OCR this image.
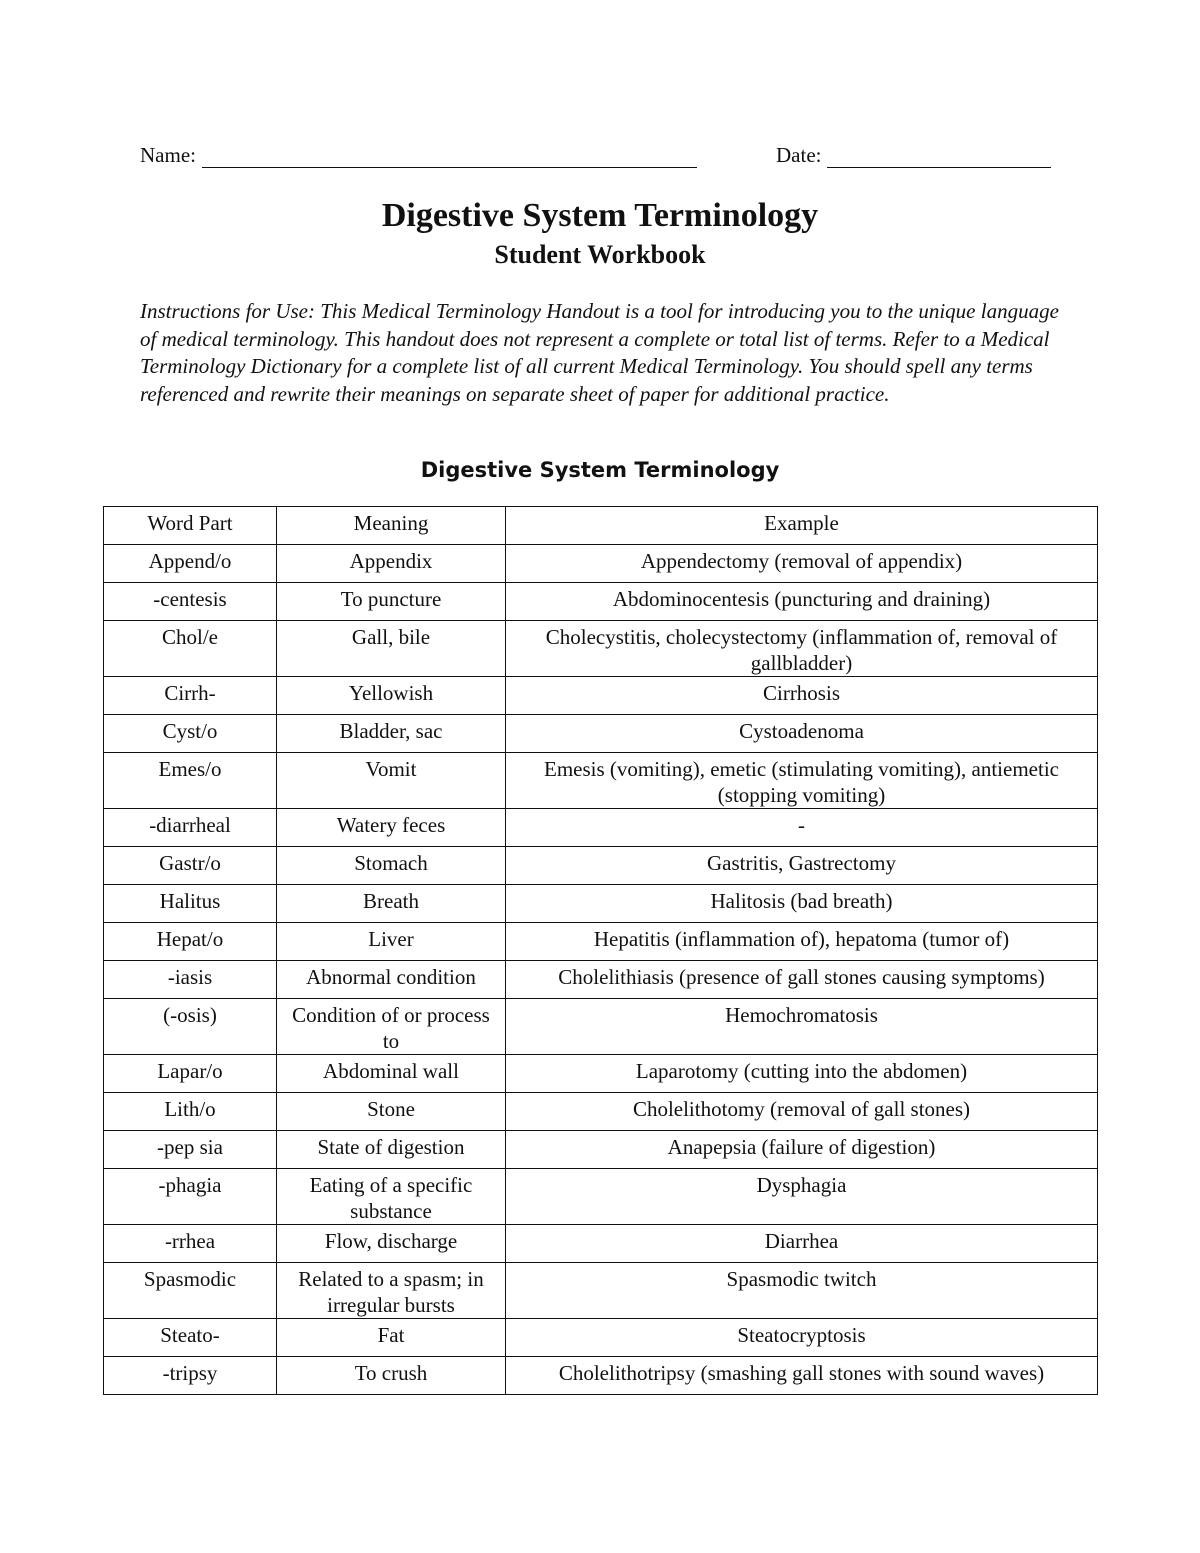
Name:	Date:
Digestive System Terminology
Student Workbook
Instructions for Use: This Medical Terminology Handout is a tool for introducing you to the unique language of medical terminology. This handout does not represent a complete or total list of terms. Refer to a Medical Terminology Dictionary for a complete list of all current Medical Terminology. You should spell any terms referenced and rewrite their meanings on separate sheet of paper for additional practice.
Digestive System Terminology
Word Part	Meaning	Example
Append/o	Appendix	Appendectomy (removal of appendix)
-centesis	To puncture	Abdominocentesis (puncturing and draining)
Chol/e	Gall, bile	Cholecystitis, cholecystectomy (inflammation of, removal of gallbladder)
Cirrh-	Yellowish	Cirrhosis
Cyst/o	Bladder, sac	Cystoadenoma
Emes/o	Vomit	Emesis (vomiting), emetic (stimulating vomiting), antiemetic (stopping vomiting)
-diarrheal	Watery feces	-
Gastr/o	Stomach	Gastritis, Gastrectomy
Halitus	Breath	Halitosis (bad breath)
Hepat/o	Liver	Hepatitis (inflammation of), hepatoma (tumor of)
-iasis	Abnormal condition	Cholelithiasis (presence of gall stones causing symptoms)
(-osis)	Condition of or process to	Hemochromatosis
Lapar/o	Abdominal wall	Laparotomy (cutting into the abdomen)
Lith/o	Stone	Cholelithotomy (removal of gall stones)
-pep sia	State of digestion	Anapepsia (failure of digestion)
-phagia	Eating of a specific substance	Dysphagia
-rrhea	Flow, discharge	Diarrhea
Spasmodic	Related to a spasm; in irregular bursts	Spasmodic twitch
Steato-	Fat	Steatocryptosis
-tripsy	To crush	Cholelithotripsy (smashing gall stones with sound waves)
